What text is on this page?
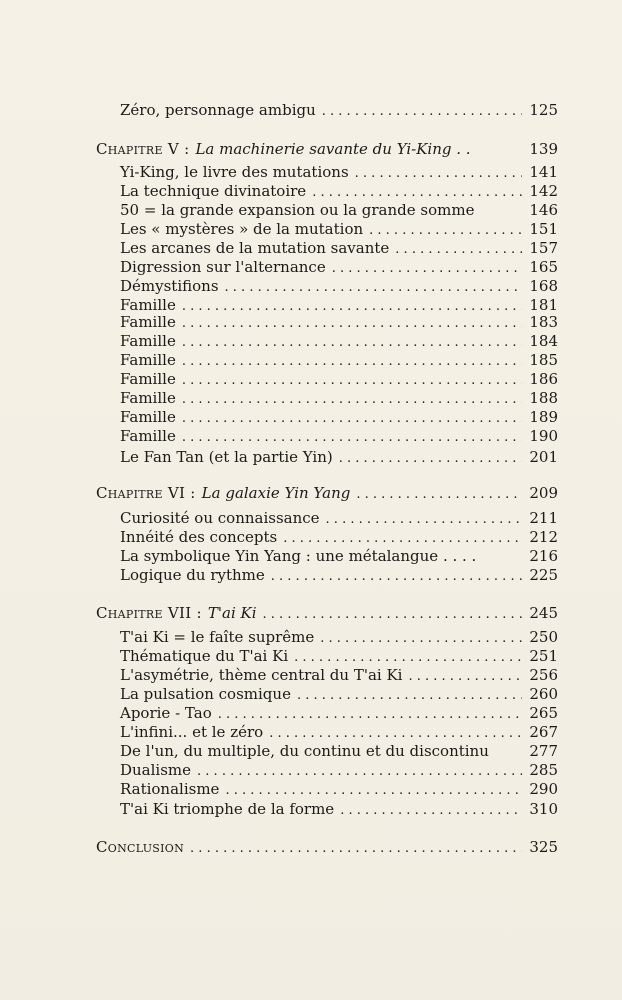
Zéro, personnage ambigu . . .	125
Chapitre V : La machinerie savante du Yi-King . .	139
Yi-King, le livre des mutations . . .	141
La technique divinatoire . . .	142
50 = la grande expansion ou la grande somme	146
Les « mystères » de la mutation . . .	151
Les arcanes de la mutation savante . . .	157
Digression sur l'alternance . . .	165
Démystifions . . .	168
Famille . . .	181
Famille . . .	183
Famille . . .	184
Famille . . .	185
Famille . . .	186
Famille . . .	188
Famille . . .	189
Famille . . .	190
Le Fan Tan (et la partie Yin) . . .	201
Chapitre VI : La galaxie Yin Yang . . .	209
Curiosité ou connaissance . . .	211
Innéité des concepts . . .	212
La symbolique Yin Yang : une métalangue . . . .	216
Logique du rythme . . .	225
Chapitre VII : T'ai Ki . . .	245
T'ai Ki = le faîte suprême . . .	250
Thématique du T'ai Ki . . .	251
L'asymétrie, thème central du T'ai Ki . . .	256
La pulsation cosmique . . .	260
Aporie - Tao . . .	265
L'infini... et le zéro . . .	267
De l'un, du multiple, du continu et du discontinu	277
Dualisme . . .	285
Rationalisme . . .	290
T'ai Ki triomphe de la forme . . .	310
Conclusion . . .	325
